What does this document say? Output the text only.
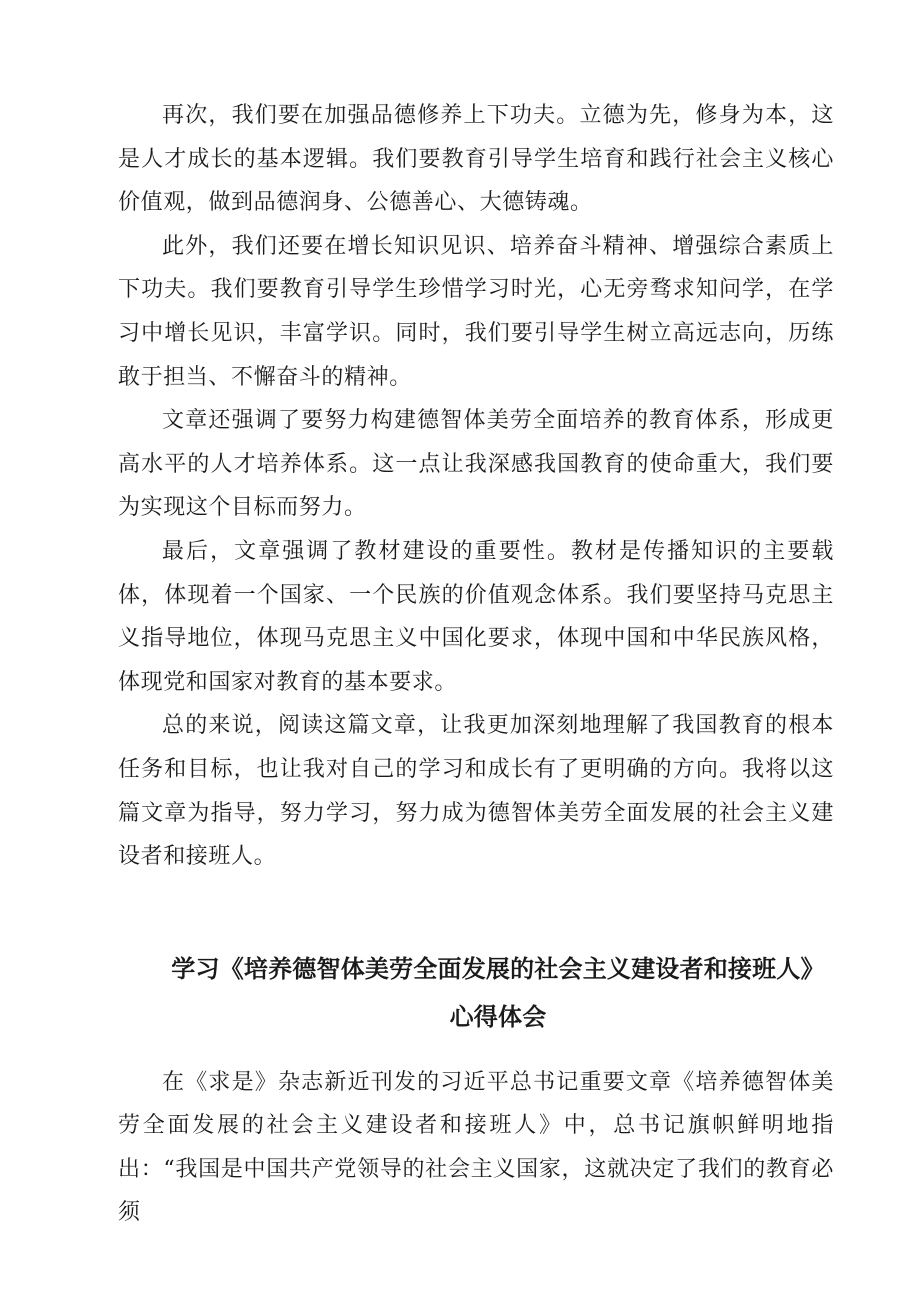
再次，我们要在加强品德修养上下功夫。立德为先，修身为本，这是人才成长的基本逻辑。我们要教育引导学生培育和践行社会主义核心价值观，做到品德润身、公德善心、大德铸魂。

此外，我们还要在增长知识见识、培养奋斗精神、增强综合素质上下功夫。我们要教育引导学生珍惜学习时光，心无旁骛求知问学，在学习中增长见识，丰富学识。同时，我们要引导学生树立高远志向，历练敢于担当、不懈奋斗的精神。

文章还强调了要努力构建德智体美劳全面培养的教育体系，形成更高水平的人才培养体系。这一点让我深感我国教育的使命重大，我们要为实现这个目标而努力。

最后，文章强调了教材建设的重要性。教材是传播知识的主要载体，体现着一个国家、一个民族的价值观念体系。我们要坚持马克思主义指导地位，体现马克思主义中国化要求，体现中国和中华民族风格，体现党和国家对教育的基本要求。

总的来说，阅读这篇文章，让我更加深刻地理解了我国教育的根本任务和目标，也让我对自己的学习和成长有了更明确的方向。我将以这篇文章为指导，努力学习，努力成为德智体美劳全面发展的社会主义建设者和接班人。

学习《培养德智体美劳全面发展的社会主义建设者和接班人》心得体会

在《求是》杂志新近刊发的习近平总书记重要文章《培养德智体美劳全面发展的社会主义建设者和接班人》中，总书记旗帜鲜明地指出：“我国是中国共产党领导的社会主义国家，这就决定了我们的教育必须
